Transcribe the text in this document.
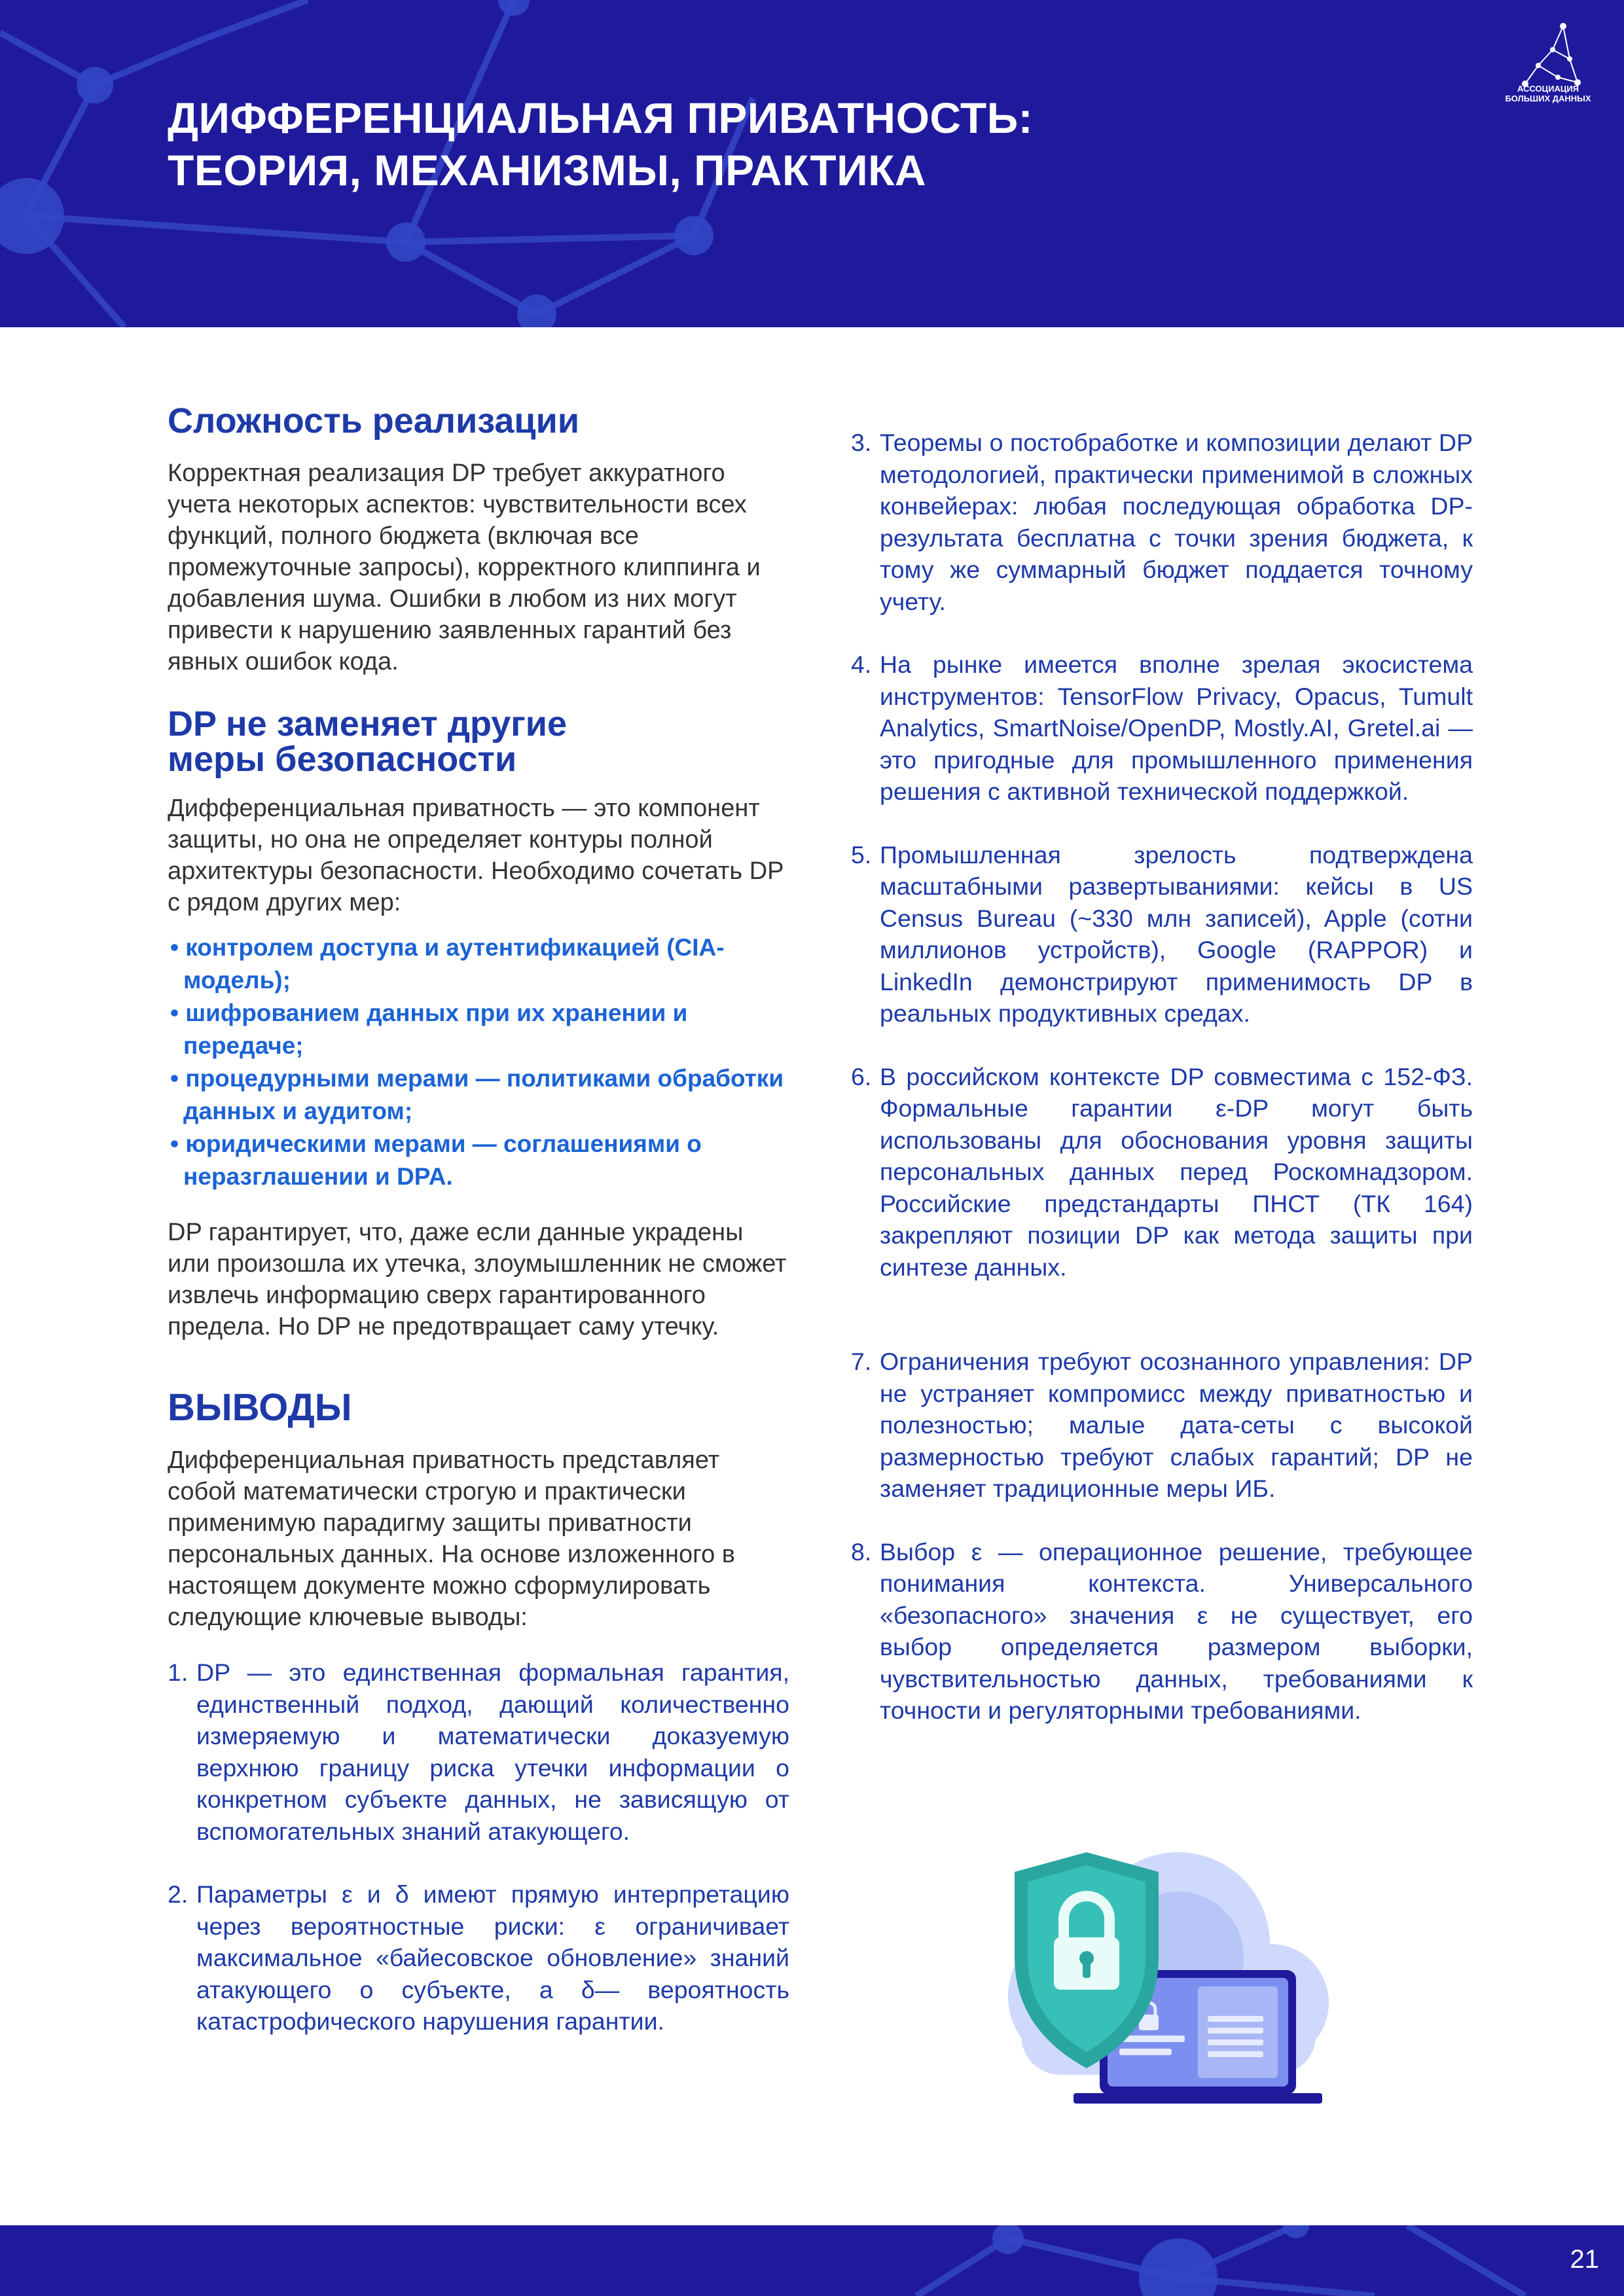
ДИФФЕРЕНЦИАЛЬНАЯ ПРИВАТНОСТЬ:
ТЕОРИЯ, МЕХАНИЗМЫ, ПРАКТИКА
АССОЦИАЦИЯ
БОЛЬШИХ ДАННЫХ
Сложность реализации

Корректная реализация DP требует аккуратного учета некоторых аспектов: чувствительности всех функций, полного бюджета (включая все промежуточные запросы), корректного клиппинга и добавления шума. Ошибки в любом из них могут привести к нарушению заявленных гарантий без явных ошибок кода.

DP не заменяет другие
меры безопасности

Дифференциальная приватность — это компонент защиты, но она не определяет контуры полной архитектуры безопасности. Необходимо сочетать DP с рядом других мер:

• контролем доступа и аутентификацией (CIA-модель);
• шифрованием данных при их хранении и передаче;
• процедурными мерами — политиками обработки данных и аудитом;
• юридическими мерами — соглашениями о неразглашении и DPA.

DP гарантирует, что, даже если данные украдены или произошла их утечка, злоумышленник не сможет извлечь информацию сверх гарантированного предела. Но DP не предотвращает саму утечку.

ВЫВОДЫ

Дифференциальная приватность представляет собой математически строгую и практически применимую парадигму защиты приватности персональных данных. На основе изложенного в настоящем документе можно сформулировать следующие ключевые выводы:

1. DP — это единственная формальная гарантия, единственный подход, дающий количественно измеряемую и математически доказуемую верхнюю границу риска утечки информации о конкретном субъекте данных, не зависящую от вспомогательных знаний атакующего.
2. Параметры ε и δ имеют прямую интерпретацию через вероятностные риски: ε ограничивает максимальное «байесовское обновление» знаний атакующего о субъекте, а δ— вероятность катастрофического нарушения гарантии.
3. Теоремы о постобработке и композиции делают DP методологией, практически применимой в сложных конвейерах: любая последующая обработка DP-результата бесплатна с точки зрения бюджета, к тому же суммарный бюджет поддается точному учету.
4. На рынке имеется вполне зрелая экосистема инструментов: TensorFlow Privacy, Opacus, Tumult Analytics, SmartNoise/OpenDP, Mostly.AI, Gretel.ai — это пригодные для промышленного применения решения с активной технической поддержкой.
5. Промышленная зрелость подтверждена масштабными развертываниями: кейсы в US Census Bureau (~330 млн записей), Apple (сотни миллионов устройств), Google (RAPPOR) и LinkedIn демонстрируют применимость DP в реальных продуктивных средах.
6. В российском контексте DP совместима с 152-ФЗ. Формальные гарантии ε-DP могут быть использованы для обоснования уровня защиты персональных данных перед Роскомнадзором. Российские предстандарты ПНСТ (ТК 164) закрепляют позиции DP как метода защиты при синтезе данных.
7. Ограничения требуют осознанного управления: DP не устраняет компромисс между приватностью и полезностью; малые дата-сеты с высокой размерностью требуют слабых гарантий; DP не заменяет традиционные меры ИБ.
8. Выбор ε — операционное решение, требующее понимания контекста. Универсального «безопасного» значения ε не существует, его выбор определяется размером выборки, чувствительностью данных, требованиями к точности и регуляторными требованиями.
21
